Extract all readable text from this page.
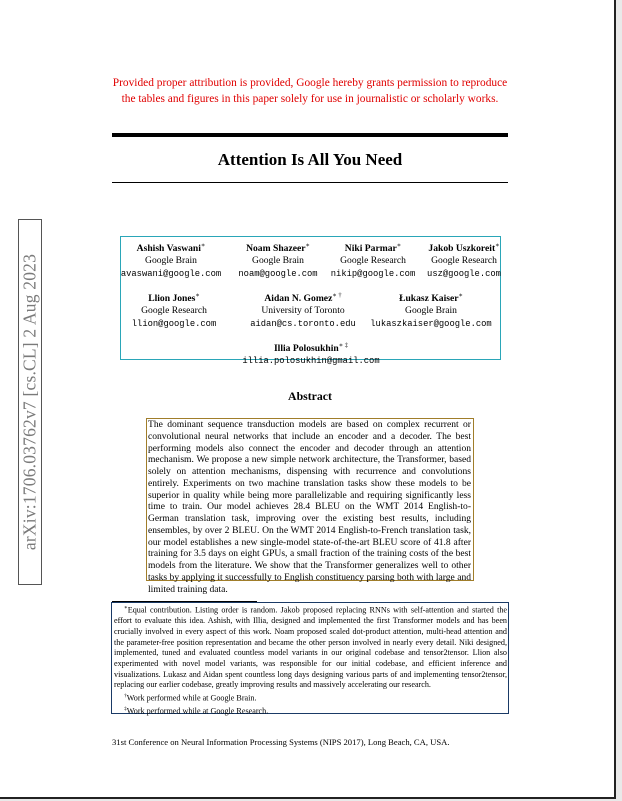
Provided proper attribution is provided, Google hereby grants permission to reproduce the tables and figures in this paper solely for use in journalistic or scholarly works.
Attention Is All You Need
arXiv:1706.03762v7 [cs.CL] 2 Aug 2023
Ashish Vaswani∗
Google Brain
avaswani@google.com
Noam Shazeer∗
Google Brain
noam@google.com
Niki Parmar∗
Google Research
nikip@google.com
Jakob Uszkoreit∗
Google Research
usz@google.com
Llion Jones∗
Google Research
llion@google.com
Aidan N. Gomez∗ †
University of Toronto
aidan@cs.toronto.edu
Łukasz Kaiser∗
Google Brain
lukaszkaiser@google.com
Illia Polosukhin∗ ‡
illia.polosukhin@gmail.com
Abstract

The dominant sequence transduction models are based on complex recurrent or convolutional neural networks that include an encoder and a decoder. The best performing models also connect the encoder and decoder through an attention mechanism. We propose a new simple network architecture, the Transformer, based solely on attention mechanisms, dispensing with recurrence and convolutions entirely. Experiments on two machine translation tasks show these models to be superior in quality while being more parallelizable and requiring significantly less time to train. Our model achieves 28.4 BLEU on the WMT 2014 English-to-German translation task, improving over the existing best results, including ensembles, by over 2 BLEU. On the WMT 2014 English-to-French translation task, our model establishes a new single-model state-of-the-art BLEU score of 41.8 after training for 3.5 days on eight GPUs, a small fraction of the training costs of the best models from the literature. We show that the Transformer generalizes well to other tasks by applying it successfully to English constituency parsing both with large and limited training data.

∗Equal contribution. Listing order is random. Jakob proposed replacing RNNs with self-attention and started the effort to evaluate this idea. Ashish, with Illia, designed and implemented the first Transformer models and has been crucially involved in every aspect of this work. Noam proposed scaled dot-product attention, multi-head attention and the parameter-free position representation and became the other person involved in nearly every detail. Niki designed, implemented, tuned and evaluated countless model variants in our original codebase and tensor2tensor. Llion also experimented with novel model variants, was responsible for our initial codebase, and efficient inference and visualizations. Lukasz and Aidan spent countless long days designing various parts of and implementing tensor2tensor, replacing our earlier codebase, greatly improving results and massively accelerating our research.

†Work performed while at Google Brain.

‡Work performed while at Google Research.

31st Conference on Neural Information Processing Systems (NIPS 2017), Long Beach, CA, USA.
